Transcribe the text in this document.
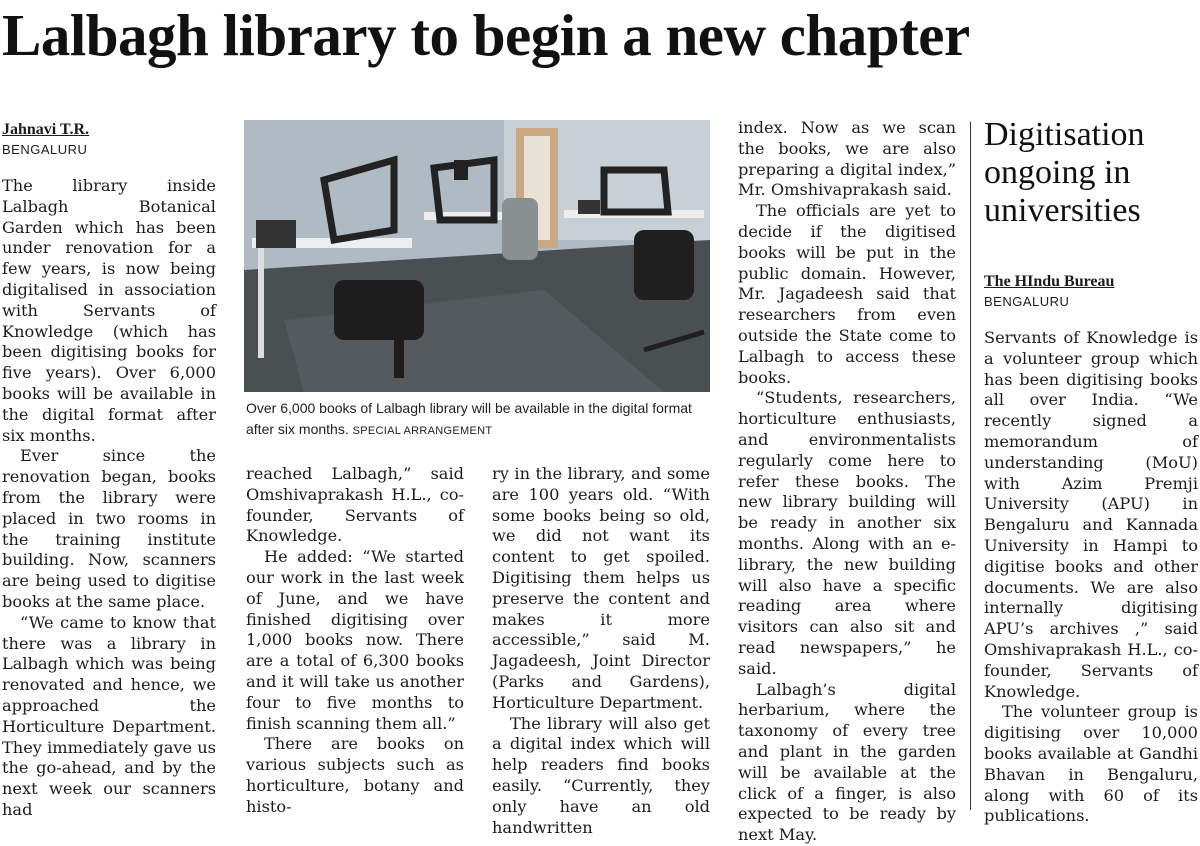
Lalbagh library to begin a new chapter

Jahnavi T.R.

BENGALURU

The library inside Lalbagh Botanical Garden which has been under renovation for a few years, is now being digitalised in association with Servants of Knowledge (which has been digitising books for five years). Over 6,000 books will be available in the digital format after six months.

Ever since the renovation began, books from the library were placed in two rooms in the training institute building. Now, scanners are being used to digitise books at the same place.

“We came to know that there was a library in Lalbagh which was being renovated and hence, we approached the Horticulture Department. They immediately gave us the go-ahead, and by the next week our scanners had

Over 6,000 books of Lalbagh library will be available in the digital format after six months. SPECIAL ARRANGEMENT

reached Lalbagh,” said Omshivaprakash H.L., co-founder, Servants of Knowledge.

He added: “We started our work in the last week of June, and we have finished digitising over 1,000 books now. There are a total of 6,300 books and it will take us another four to five months to finish scanning them all.”

There are books on various subjects such as horticulture, botany and histo-

ry in the library, and some are 100 years old. “With some books being so old, we did not want its content to get spoiled. Digitising them helps us preserve the content and makes it more accessible,” said M. Jagadeesh, Joint Director (Parks and Gardens), Horticulture Department.

The library will also get a digital index which will help readers find books easily. “Currently, they only have an old handwritten

index. Now as we scan the books, we are also preparing a digital index,” Mr. Omshivaprakash said.

The officials are yet to decide if the digitised books will be put in the public domain. However, Mr. Jagadeesh said that researchers from even outside the State come to Lalbagh to access these books.

“Students, researchers, horticulture enthusiasts, and environmentalists regularly come here to refer these books. The new library building will be ready in another six months. Along with an e-library, the new building will also have a specific reading area where visitors can also sit and read newspapers,” he said.

Lalbagh’s digital herbarium, where the taxonomy of every tree and plant in the garden will be available at the click of a finger, is also expected to be ready by next May.

Digitisation ongoing in universities

The HIndu Bureau

BENGALURU

Servants of Knowledge is a volunteer group which has been digitising books all over India. “We recently signed a memorandum of understanding (MoU) with Azim Premji University (APU) in Bengaluru and Kannada University in Hampi to digitise books and other documents. We are also internally digitising APU’s archives ,” said Omshivaprakash H.L., co-founder, Servants of Knowledge.

The volunteer group is digitising over 10,000 books available at Gandhi Bhavan in Bengaluru, along with 60 of its publications.
